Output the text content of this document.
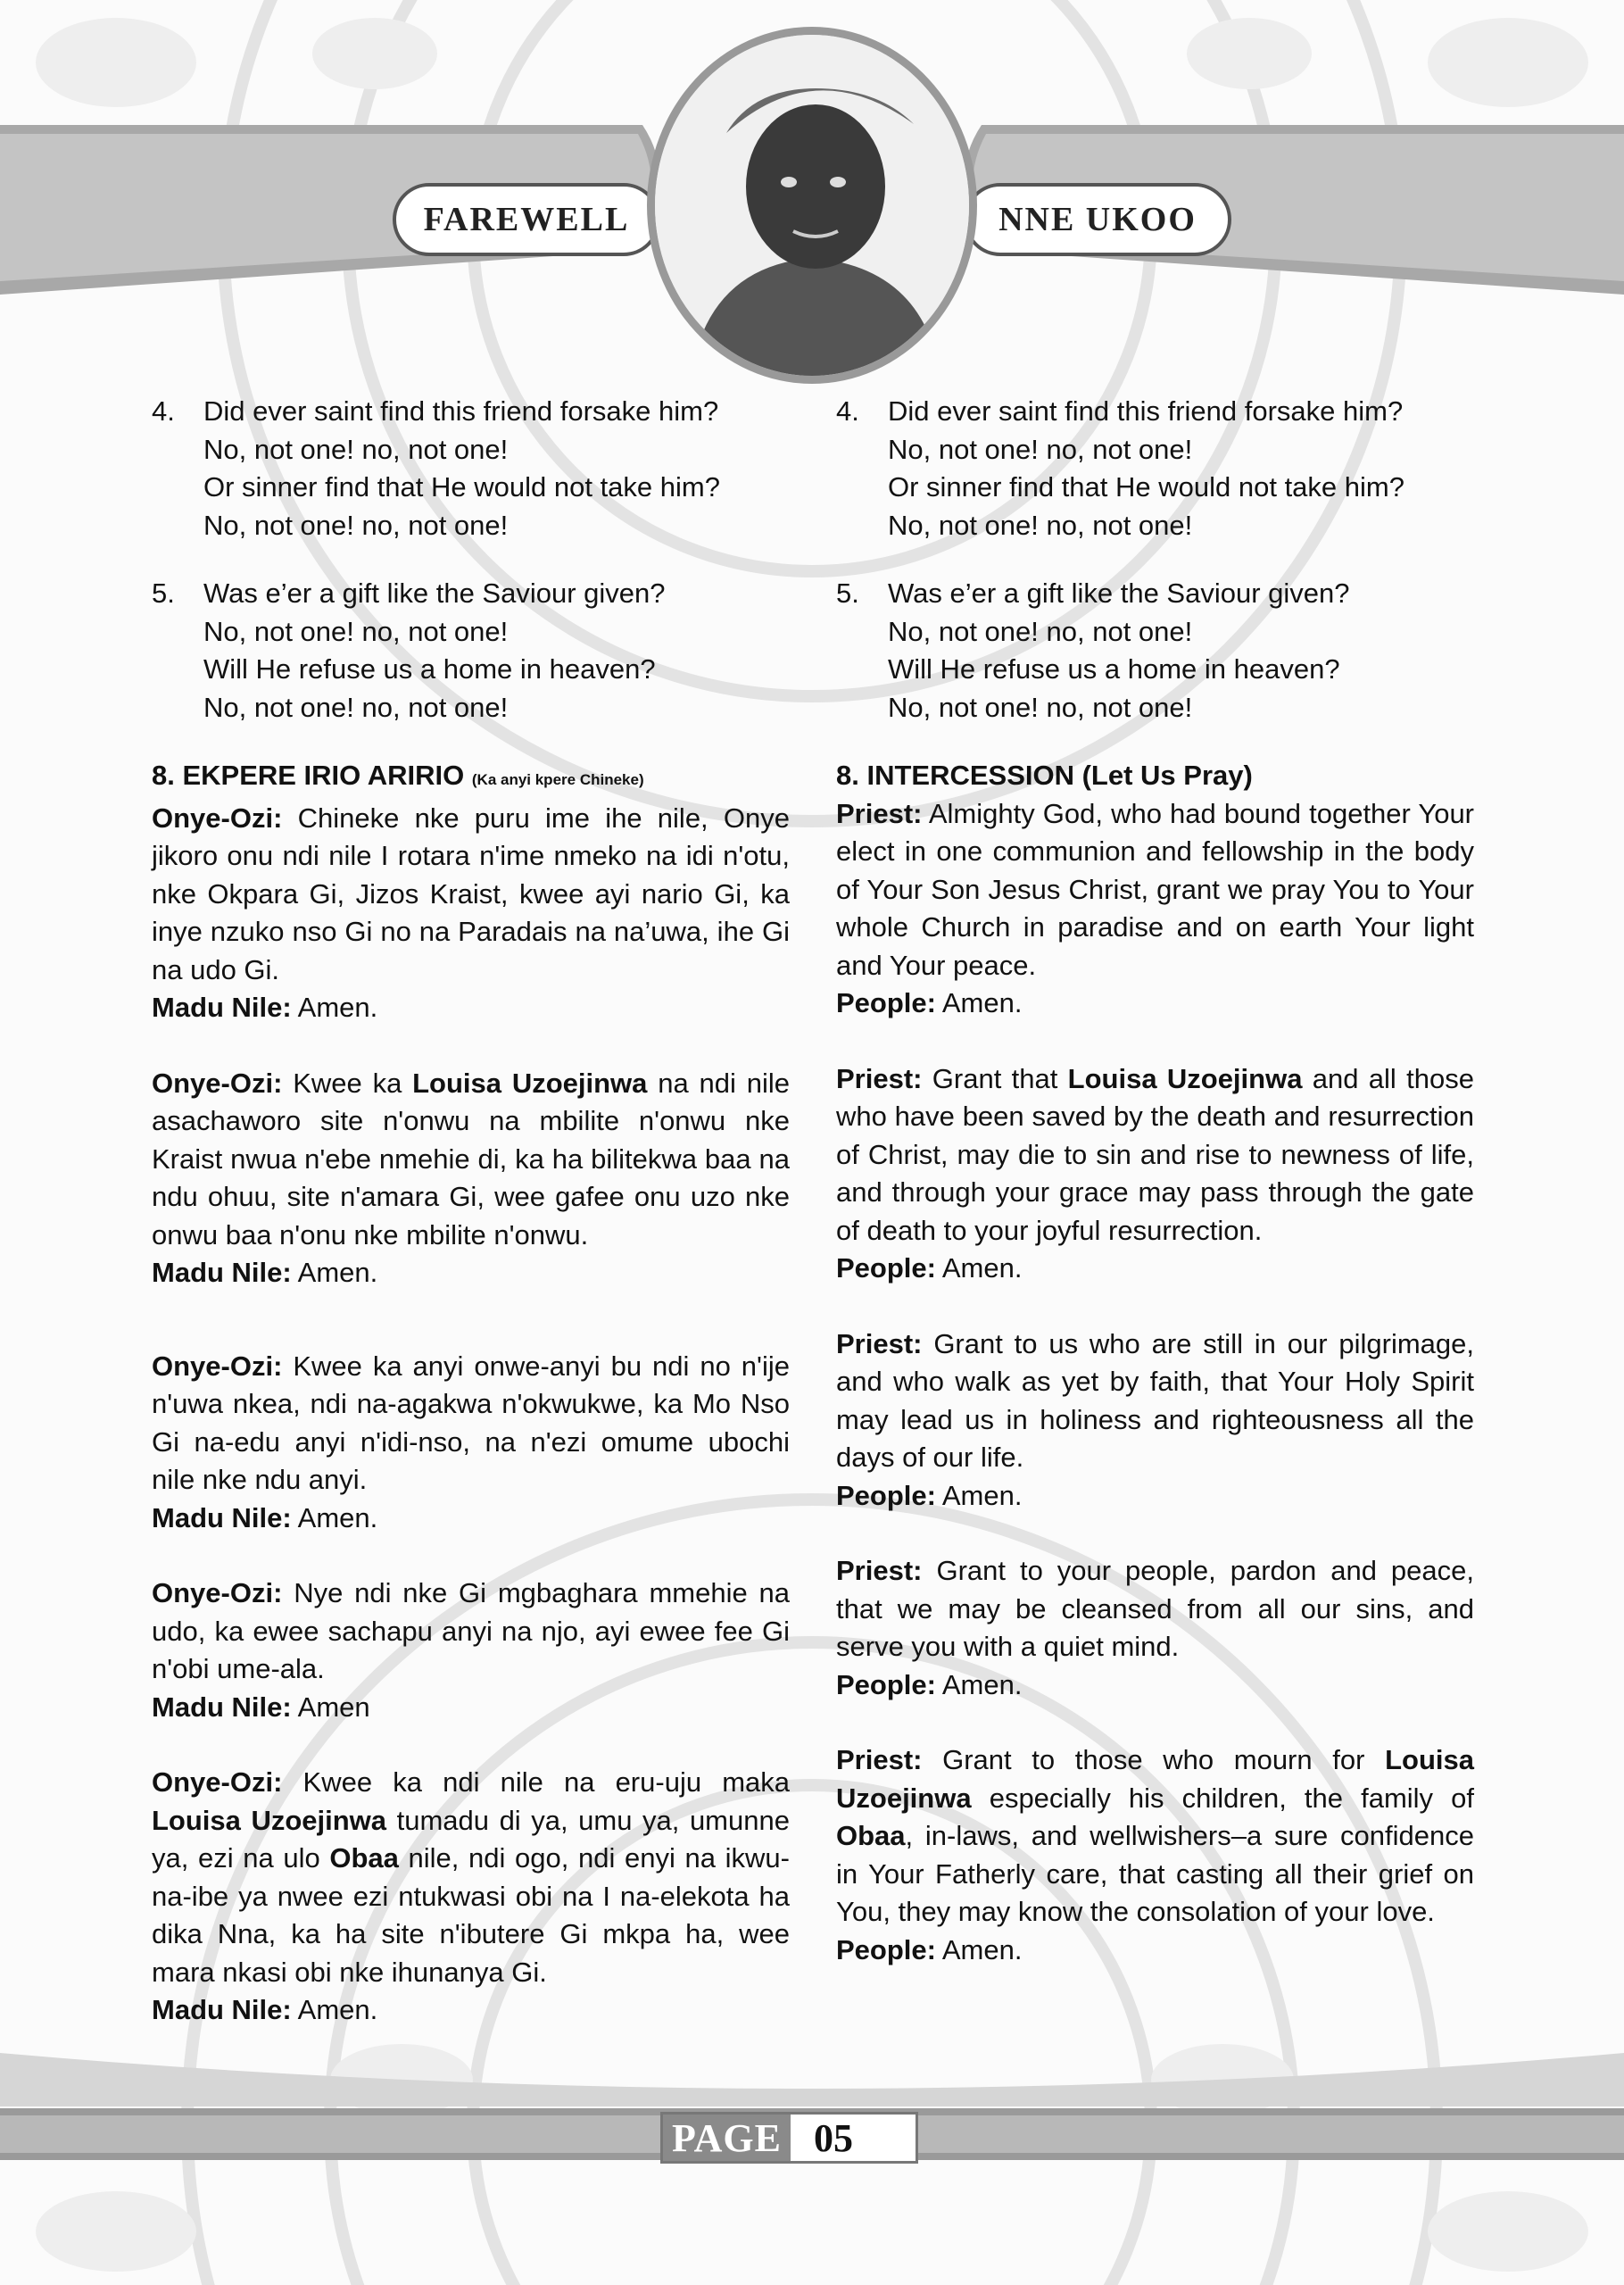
FAREWELL	NNE UKOO
4.	Did ever saint find this friend forsake him?
No, not one! no, not one!
Or sinner find that He would not take him?
No, not one! no, not one!
5.	Was e’er a gift like the Saviour given?
No, not one! no, not one!
Will He refuse us a home in heaven?
No, not one! no, not one!
8. EKPERE IRIO ARIRIO (Ka anyi kpere Chineke)
Onye-Ozi: Chineke nke puru ime ihe nile, Onye jikoro onu ndi nile I rotara n'ime nmeko na idi n'otu, nke Okpara Gi, Jizos Kraist, kwee ayi nario Gi, ka inye nzuko nso Gi no na Paradais na na’uwa, ihe Gi na udo Gi.
Madu Nile: Amen.
Onye-Ozi: Kwee ka Louisa Uzoejinwa na ndi nile asachaworo site n'onwu na mbilite n'onwu nke Kraist nwua n'ebe nmehie di, ka ha bilitekwa baa na ndu ohuu, site n'amara Gi, wee gafee onu uzo nke onwu baa n'onu nke mbilite n'onwu.
Madu Nile: Amen.
Onye-Ozi: Kwee ka anyi onwe-anyi bu ndi no n'ije n'uwa nkea, ndi na-agakwa n'okwukwe, ka Mo Nso Gi na-edu anyi n'idi-nso, na n'ezi omume ubochi nile nke ndu anyi.
Madu Nile: Amen.
Onye-Ozi: Nye ndi nke Gi mgbaghara mmehie na udo, ka ewee sachapu anyi na njo, ayi ewee fee Gi n'obi ume-ala.
Madu Nile: Amen
Onye-Ozi: Kwee ka ndi nile na eru-uju maka Louisa Uzoejinwa tumadu di ya, umu ya, umunne ya, ezi na ulo Obaa nile, ndi ogo, ndi enyi na ikwu-na-ibe ya nwee ezi ntukwasi obi na I na-elekota ha dika Nna, ka ha site n'ibutere Gi mkpa ha, wee mara nkasi obi nke ihunanya Gi.
Madu Nile: Amen.
4.	Did ever saint find this friend forsake him?
No, not one! no, not one!
Or sinner find that He would not take him?
No, not one! no, not one!
5.	Was e’er a gift like the Saviour given?
No, not one! no, not one!
Will He refuse us a home in heaven?
No, not one! no, not one!
8. INTERCESSION (Let Us Pray)
Priest: Almighty God, who had bound together Your elect in one communion and fellowship in the body of Your Son Jesus Christ, grant we pray You to Your whole Church in paradise and on earth Your light and Your peace.
People: Amen.
Priest: Grant that Louisa Uzoejinwa and all those who have been saved by the death and resurrection of Christ, may die to sin and rise to newness of life, and through your grace may pass through the gate of death to your joyful resurrection.
People: Amen.
Priest: Grant to us who are still in our pilgrimage, and who walk as yet by faith, that Your Holy Spirit may lead us in holiness and righteousness all the days of our life.
People: Amen.
Priest: Grant to your people, pardon and peace, that we may be cleansed from all our sins, and serve you with a quiet mind.
People: Amen.
Priest: Grant to those who mourn for Louisa Uzoejinwa especially his children, the family of Obaa, in-laws, and wellwishers–a sure confidence in Your Fatherly care, that casting all their grief on You, they may know the consolation of your love.
People: Amen.
PAGE 05
